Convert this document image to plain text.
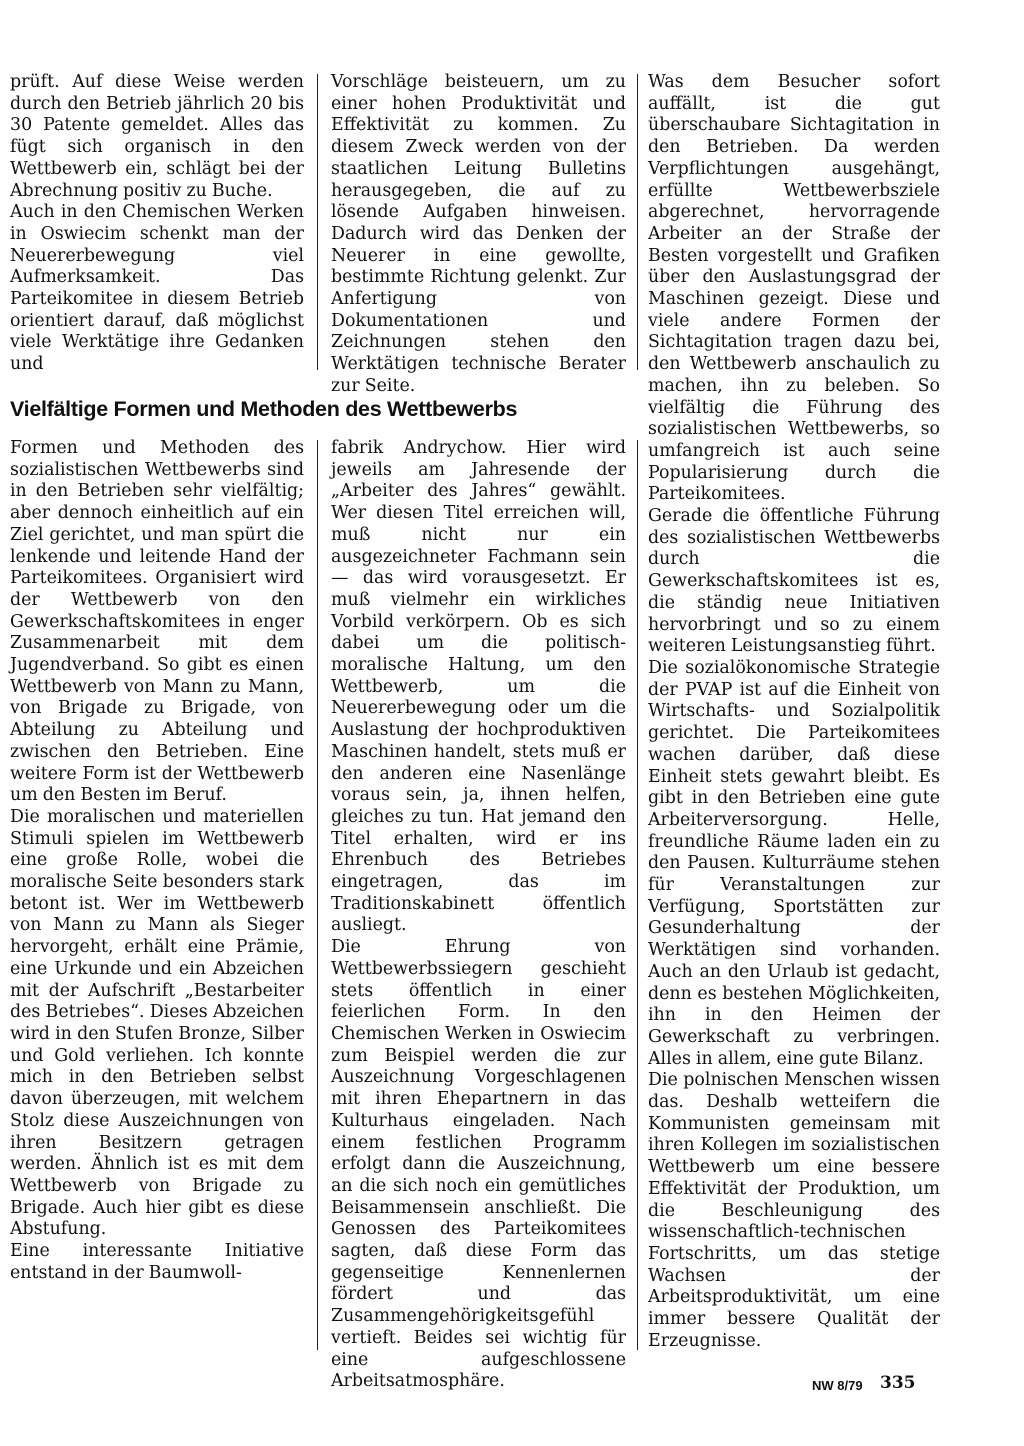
prüft. Auf diese Weise werden durch den Betrieb jährlich 20 bis 30 Patente gemeldet. Alles das fügt sich organisch in den Wettbewerb ein, schlägt bei der Abrechnung positiv zu Buche.

Auch in den Chemischen Werken in Oswiecim schenkt man der Neuererbewegung viel Aufmerksamkeit. Das Parteikomitee in diesem Betrieb orientiert darauf, daß möglichst viele Werktätige ihre Gedanken und

Vorschläge beisteuern, um zu einer hohen Produktivität und Effektivität zu kommen. Zu diesem Zweck werden von der staatlichen Leitung Bulletins herausgegeben, die auf zu lösende Aufgaben hinweisen. Dadurch wird das Denken der Neuerer in eine gewollte, bestimmte Richtung gelenkt. Zur Anfertigung von Dokumentationen und Zeichnungen stehen den Werktätigen technische Berater zur Seite.

Vielfältige Formen und Methoden des Wettbewerbs

Formen und Methoden des sozialistischen Wettbewerbs sind in den Betrieben sehr vielfältig; aber dennoch einheitlich auf ein Ziel gerichtet, und man spürt die lenkende und leitende Hand der Parteikomitees. Organisiert wird der Wettbewerb von den Gewerkschaftskomitees in enger Zusammenarbeit mit dem Jugendverband. So gibt es einen Wettbewerb von Mann zu Mann, von Brigade zu Brigade, von Abteilung zu Abteilung und zwischen den Betrieben. Eine weitere Form ist der Wettbewerb um den Besten im Beruf.

Die moralischen und materiellen Stimuli spielen im Wettbewerb eine große Rolle, wobei die moralische Seite besonders stark betont ist. Wer im Wettbewerb von Mann zu Mann als Sieger hervorgeht, erhält eine Prämie, eine Urkunde und ein Abzeichen mit der Aufschrift „Bestarbeiter des Betriebes“. Dieses Abzeichen wird in den Stufen Bronze, Silber und Gold verliehen. Ich konnte mich in den Betrieben selbst davon überzeugen, mit welchem Stolz diese Auszeichnungen von ihren Besitzern getragen werden. Ähnlich ist es mit dem Wettbewerb von Brigade zu Brigade. Auch hier gibt es diese Abstufung.

Eine interessante Initiative entstand in der Baumwoll-

fabrik Andrychow. Hier wird jeweils am Jahresende der „Arbeiter des Jahres“ gewählt. Wer diesen Titel erreichen will, muß nicht nur ein ausgezeichneter Fachmann sein — das wird vorausgesetzt. Er muß vielmehr ein wirkliches Vorbild verkörpern. Ob es sich dabei um die politisch-moralische Haltung, um den Wettbewerb, um die Neuererbewegung oder um die Auslastung der hochproduktiven Maschinen handelt, stets muß er den anderen eine Nasenlänge voraus sein, ja, ihnen helfen, gleiches zu tun. Hat jemand den Titel erhalten, wird er ins Ehrenbuch des Betriebes eingetragen, das im Traditionskabinett öffentlich ausliegt.

Die Ehrung von Wettbewerbssiegern geschieht stets öffentlich in einer feierlichen Form. In den Chemischen Werken in Oswiecim zum Beispiel werden die zur Auszeichnung Vorgeschlagenen mit ihren Ehepartnern in das Kulturhaus eingeladen. Nach einem festlichen Programm erfolgt dann die Auszeichnung, an die sich noch ein gemütliches Beisammensein anschließt. Die Genossen des Parteikomitees sagten, daß diese Form das gegenseitige Kennenlernen fördert und das Zusammengehörigkeitsgefühl vertieft. Beides sei wichtig für eine aufgeschlossene Arbeitsatmosphäre.

Was dem Besucher sofort auffällt, ist die gut überschaubare Sichtagitation in den Betrieben. Da werden Verpflichtungen ausgehängt, erfüllte Wettbewerbsziele abgerechnet, hervorragende Arbeiter an der Straße der Besten vorgestellt und Grafiken über den Auslastungsgrad der Maschinen gezeigt. Diese und viele andere Formen der Sichtagitation tragen dazu bei, den Wettbewerb anschaulich zu machen, ihn zu beleben. So vielfältig die Führung des sozialistischen Wettbewerbs, so umfangreich ist auch seine Popularisierung durch die Parteikomitees.

Gerade die öffentliche Führung des sozialistischen Wettbewerbs durch die Gewerkschaftskomitees ist es, die ständig neue Initiativen hervorbringt und so zu einem weiteren Leistungsanstieg führt.

Die sozialökonomische Strategie der PVAP ist auf die Einheit von Wirtschafts- und Sozialpolitik gerichtet. Die Parteikomitees wachen darüber, daß diese Einheit stets gewahrt bleibt. Es gibt in den Betrieben eine gute Arbeiterversorgung. Helle, freundliche Räume laden ein zu den Pausen. Kulturräume stehen für Veranstaltungen zur Verfügung, Sportstätten zur Gesunderhaltung der Werktätigen sind vorhanden. Auch an den Urlaub ist gedacht, denn es bestehen Möglichkeiten, ihn in den Heimen der Gewerkschaft zu verbringen. Alles in allem, eine gute Bilanz.

Die polnischen Menschen wissen das. Deshalb wetteifern die Kommunisten gemeinsam mit ihren Kollegen im sozialistischen Wettbewerb um eine bessere Effektivität der Produktion, um die Beschleunigung des wissenschaftlich-technischen Fortschritts, um das stetige Wachsen der Arbeitsproduktivität, um eine immer bessere Qualität der Erzeugnisse.

NW 8/79 335
